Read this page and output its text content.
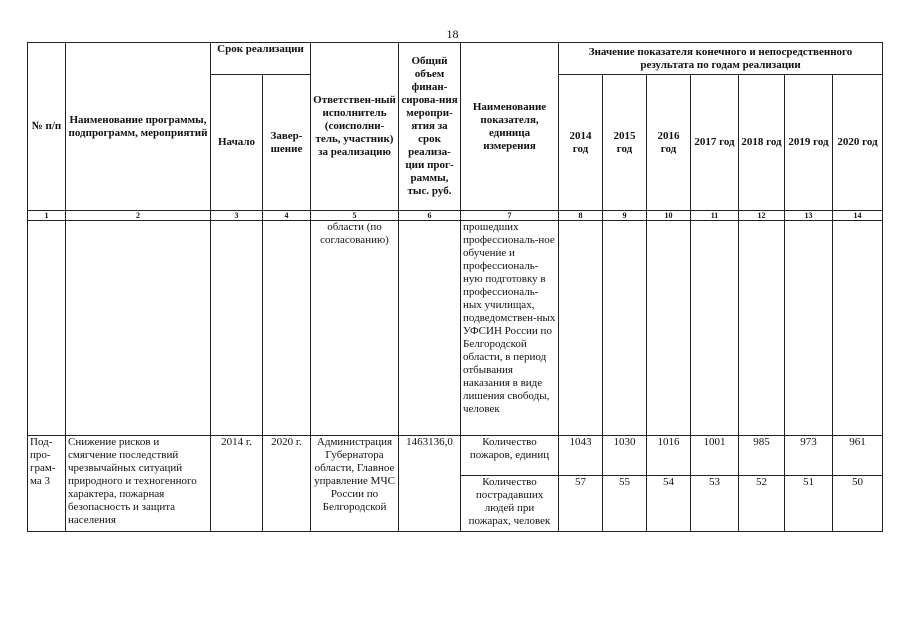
18
№ п/п	Наименование программы, подпрограмм, мероприятий	Срок реализации		Ответствен-ный исполнитель (соисполни-тель, участник) за реализацию	Общий объем финан-сирова-ния меропри-ятия за срок реализа-ции прог-раммы, тыс. руб.	Наименование показателя, единица измерения	Значение показателя конечного и непосредственного результата по годам реализации						
		Начало	Завер-шение				2014 год	2015 год	2016 год	2017 год	2018 год	2019 год	2020 год
1	2	3	4	5	6	7	8	9	10	11	12	13	14
				области (по согласованию)		прошедших профессиональ-ное обучение и профессиональ-ную подготовку в профессиональ-ных училищах, подведомствен-ных УФСИН России по Белгородской области, в период отбывания наказания в виде лишения свободы, человек							
Под-про-грам-ма 3	Снижение рисков и смягчение последствий чрезвычайных ситуаций природного и техногенного характера, пожарная безопасность и защита населения	2014 г.	2020 г.	Администрация Губернатора области, Главное управление МЧС России по Белгородской	1463136,0	Количество пожаров, единиц	1043	1030	1016	1001	985	973	961
						Количество пострадавших людей при пожарах, человек	57	55	54	53	52	51	50
